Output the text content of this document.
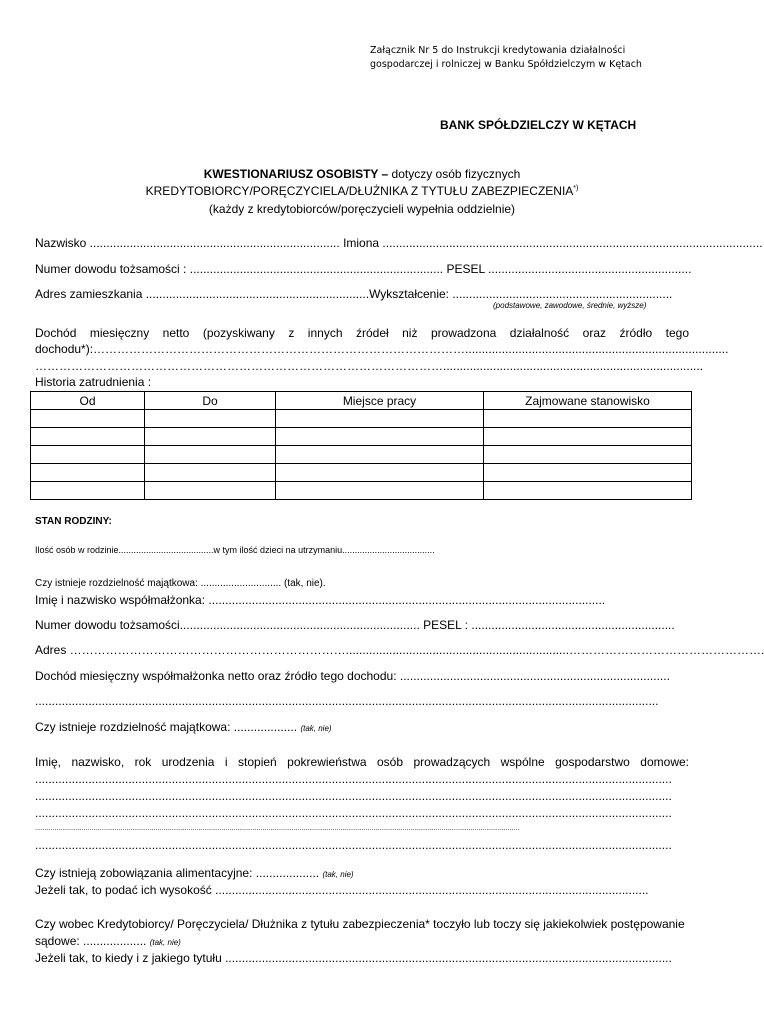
Załącznik Nr 5 do Instrukcji kredytowania działalności
gospodarczej i rolniczej w Banku Spółdzielczym w Kętach
BANK SPÓŁDZIELCZY W KĘTACH
KWESTIONARIUSZ OSOBISTY – dotyczy osób fizycznych
KREDYTOBIORCY/PORĘCZYCIELA/DŁUŻNIKA Z TYTUŁU ZABEZPIECZENIA*)
(każdy z kredytobiorców/poręczycieli wypełnia oddzielnie)
Nazwisko ........................................................................... Imiona ..................................................................................................................
Numer dowodu tożsamości : ............................................................................ PESEL .............................................................
Adres zamieszkania ...................................................................Wykształcenie: ..................................................................
(podstawowe, zawodowe, średnie, wyższe)
Dochód miesięczny netto (pozyskiwany z innych źródeł niż prowadzona działalność oraz źródło tego
dochodu*):…………………………………………………………………………………...............................................................................
…………………………………………………………………………………………..............................................................................
Historia zatrudnienia :
Od	Do	Miejsce pracy	Zajmowane stanowisko

STAN RODZINY:
Ilość osób w rodzinie......................................w tym ilość dzieci na utrzymaniu.....................................
Czy istnieje rozdzielność majątkowa: ............................. (tak, nie).
Imię i nazwisko współmałżonka: .......................................................................................................................
Numer dowodu tożsamości........................................................................ PESEL : .............................................................
Adres ……………………………………………………………...................................................................………………………………………….
Dochód miesięczny współmałżonka netto oraz źródło tego dochodu: .................................................................................
...........................................................................................................................................................................................
Czy istnieje rozdzielność majątkowa: ................... (tak, nie)
Imię, nazwisko, rok urodzenia i stopień pokrewieństwa osób prowadzących wspólne gospodarstwo domowe:
...............................................................................................................................................................................................
...............................................................................................................................................................................................
...............................................................................................................................................................................................
.........................................................................................................................................................................................................................................................
...............................................................................................................................................................................................
Czy istnieją zobowiązania alimentacyjne: ................... (tak, nie)
Jeżeli tak, to podać ich wysokość ..................................................................................................................................
Czy wobec Kredytobiorcy/ Poręczyciela/ Dłużnika z tytułu zabezpieczenia* toczyło lub toczy się jakiekolwiek postępowanie
sądowe: ................... (tak, nie)
Jeżeli tak, to kiedy i z jakiego tytułu ......................................................................................................................................
